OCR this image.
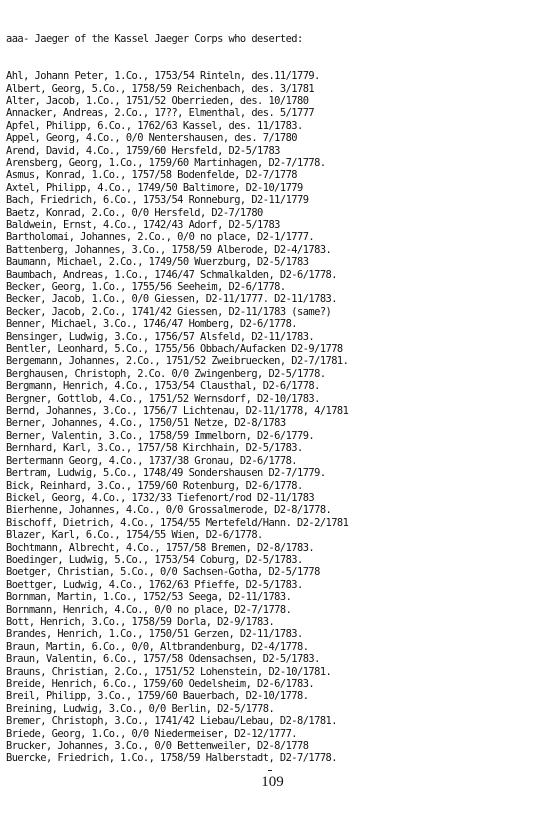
aaa- Jaeger of the Kassel Jaeger Corps who deserted:

Ahl, Johann Peter, 1.Co., 1753/54 Rinteln, des.11/1779.
Albert, Georg, 5.Co., 1758/59 Reichenbach, des. 3/1781
Alter, Jacob, 1.Co., 1751/52 Oberrieden, des. 10/1780
Annacker, Andreas, 2.Co., 17??, Elmenthal, des. 5/1777
Apfel, Philipp, 6.Co., 1762/63 Kassel, des. 11/1783.
Appel, Georg, 4.Co., 0/0 Nentershausen, des. 7/1780
Arend, David, 4.Co., 1759/60 Hersfeld, D2-5/1783
Arensberg, Georg, 1.Co., 1759/60 Martinhagen, D2-7/1778.
Asmus, Konrad, 1.Co., 1757/58 Bodenfelde, D2-7/1778
Axtel, Philipp, 4.Co., 1749/50 Baltimore, D2-10/1779
Bach, Friedrich, 6.Co., 1753/54 Ronneburg, D2-11/1779
Baetz, Konrad, 2.Co., 0/0 Hersfeld, D2-7/1780
Baldwein, Ernst, 4.Co., 1742/43 Adorf, D2-5/1783
Bartholomai, Johannes, 2.Co., 0/0 no place, D2-1/1777.
Battenberg, Johannes, 3.Co., 1758/59 Alberode, D2-4/1783.
Baumann, Michael, 2.Co., 1749/50 Wuerzburg, D2-5/1783
Baumbach, Andreas, 1.Co., 1746/47 Schmalkalden, D2-6/1778.
Becker, Georg, 1.Co., 1755/56 Seeheim, D2-6/1778.
Becker, Jacob, 1.Co., 0/0 Giessen, D2-11/1777. D2-11/1783.
Becker, Jacob, 2.Co., 1741/42 Giessen, D2-11/1783 (same?)
Benner, Michael, 3.Co., 1746/47 Homberg, D2-6/1778.
Bensinger, Ludwig, 3.Co., 1756/57 Alsfeld, D2-11/1783.
Bentler, Leonhard, 5.Co., 1755/56 Obbach/Aufacken D2-9/1778
Bergemann, Johannes, 2.Co., 1751/52 Zweibruecken, D2-7/1781.
Berghausen, Christoph, 2.Co. 0/0 Zwingenberg, D2-5/1778.
Bergmann, Henrich, 4.Co., 1753/54 Clausthal, D2-6/1778.
Bergner, Gottlob, 4.Co., 1751/52 Wernsdorf, D2-10/1783.
Bernd, Johannes, 3.Co., 1756/7 Lichtenau, D2-11/1778, 4/1781
Berner, Johannes, 4.Co., 1750/51 Netze, D2-8/1783
Berner, Valentin, 3.Co., 1758/59 Immelborn, D2-6/1779.
Bernhard, Karl, 3.Co., 1757/58 Kirchhain, D2-5/1783.
Bertermann Georg, 4.Co., 1737/38 Gronau, D2-6/1778.
Bertram, Ludwig, 5.Co., 1748/49 Sondershausen D2-7/1779.
Bick, Reinhard, 3.Co., 1759/60 Rotenburg, D2-6/1778.
Bickel, Georg, 4.Co., 1732/33 Tiefenort/rod D2-11/1783
Bierhenne, Johannes, 4.Co., 0/0 Grossalmerode, D2-8/1778.
Bischoff, Dietrich, 4.Co., 1754/55 Mertefeld/Hann. D2-2/1781
Blazer, Karl, 6.Co., 1754/55 Wien, D2-6/1778.
Bochtmann, Albrecht, 4.Co., 1757/58 Bremen, D2-8/1783.
Boedinger, Ludwig, 5.Co., 1753/54 Coburg, D2-5/1783.
Boetger, Christian, 5.Co., 0/0 Sachsen-Gotha, D2-5/1778
Boettger, Ludwig, 4.Co., 1762/63 Pfieffe, D2-5/1783.
Bornman, Martin, 1.Co., 1752/53 Seega, D2-11/1783.
Bornmann, Henrich, 4.Co., 0/0 no place, D2-7/1778.
Bott, Henrich, 3.Co., 1758/59 Dorla, D2-9/1783.
Brandes, Henrich, 1.Co., 1750/51 Gerzen, D2-11/1783.
Braun, Martin, 6.Co., 0/0, Altbrandenburg, D2-4/1778.
Braun, Valentin, 6.Co., 1757/58 Odensachsen, D2-5/1783.
Brauns, Christian, 2.Co., 1751/52 Lohenstein, D2-10/1781.
Breide, Henrich, 6.Co., 1759/60 Oedelsheim, D2-6/1783.
Breil, Philipp, 3.Co., 1759/60 Bauerbach, D2-10/1778.
Breining, Ludwig, 3.Co., 0/0 Berlin, D2-5/1778.
Bremer, Christoph, 3.Co., 1741/42 Liebau/Lebau, D2-8/1781.
Briede, Georg, 1.Co., 0/0 Niedermeiser, D2-12/1777.
Brucker, Johannes, 3.Co., 0/0 Bettenweiler, D2-8/1778
Buercke, Friedrich, 1.Co., 1758/59 Halberstadt, D2-7/1778.

109
